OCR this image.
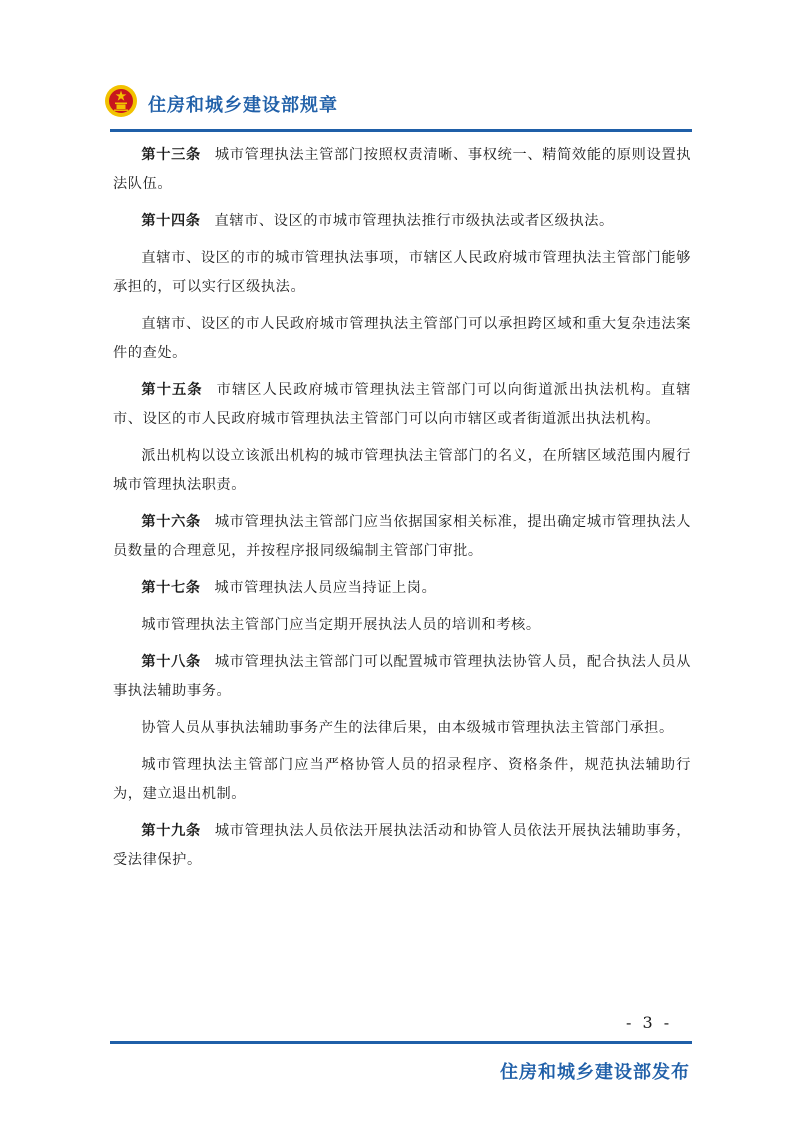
住房和城乡建设部规章

第十三条 城市管理执法主管部门按照权责清晰、事权统一、精简效能的原则设置执法队伍。

第十四条 直辖市、设区的市城市管理执法推行市级执法或者区级执法。

直辖市、设区的市的城市管理执法事项，市辖区人民政府城市管理执法主管部门能够承担的，可以实行区级执法。

直辖市、设区的市人民政府城市管理执法主管部门可以承担跨区域和重大复杂违法案件的查处。

第十五条 市辖区人民政府城市管理执法主管部门可以向街道派出执法机构。直辖市、设区的市人民政府城市管理执法主管部门可以向市辖区或者街道派出执法机构。

派出机构以设立该派出机构的城市管理执法主管部门的名义，在所辖区域范围内履行城市管理执法职责。

第十六条 城市管理执法主管部门应当依据国家相关标准，提出确定城市管理执法人员数量的合理意见，并按程序报同级编制主管部门审批。

第十七条 城市管理执法人员应当持证上岗。

城市管理执法主管部门应当定期开展执法人员的培训和考核。

第十八条 城市管理执法主管部门可以配置城市管理执法协管人员，配合执法人员从事执法辅助事务。

协管人员从事执法辅助事务产生的法律后果，由本级城市管理执法主管部门承担。

城市管理执法主管部门应当严格协管人员的招录程序、资格条件，规范执法辅助行为，建立退出机制。

第十九条 城市管理执法人员依法开展执法活动和协管人员依法开展执法辅助事务，受法律保护。

- 3 -
住房和城乡建设部发布
